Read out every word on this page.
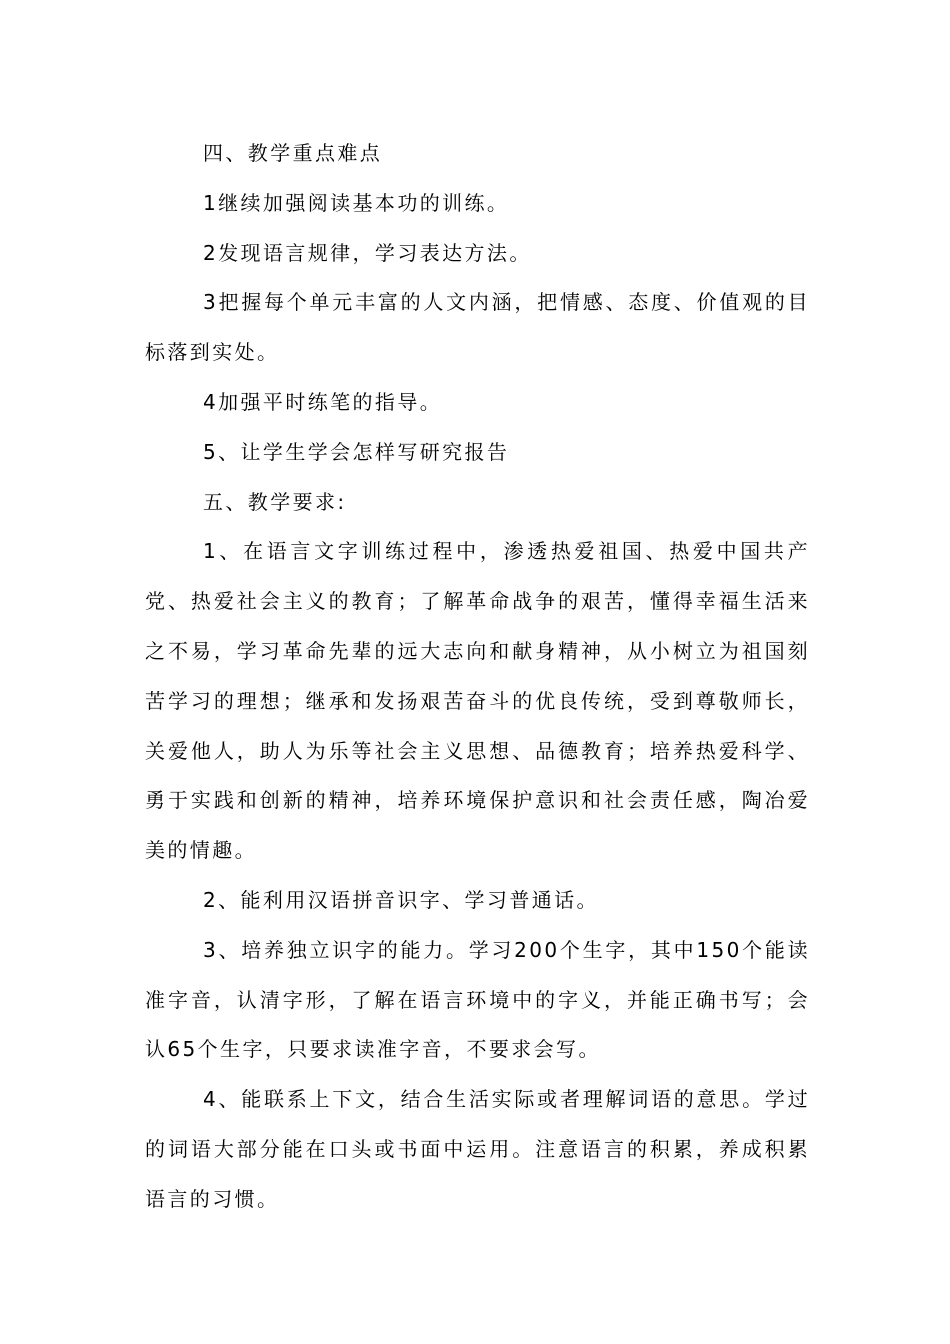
四、教学重点难点

1继续加强阅读基本功的训练。

2发现语言规律，学习表达方法。

3把握每个单元丰富的人文内涵，把情感、态度、价值观的目标落到实处。

4加强平时练笔的指导。

5、让学生学会怎样写研究报告

五、教学要求:

1、在语言文字训练过程中，渗透热爱祖国、热爱中国共产党、热爱社会主义的教育；了解革命战争的艰苦，懂得幸福生活来之不易，学习革命先辈的远大志向和献身精神，从小树立为祖国刻苦学习的理想；继承和发扬艰苦奋斗的优良传统，受到尊敬师长，关爱他人，助人为乐等社会主义思想、品德教育；培养热爱科学、勇于实践和创新的精神，培养环境保护意识和社会责任感，陶冶爱美的情趣。

2、能利用汉语拼音识字、学习普通话。

3、培养独立识字的能力。学习200个生字，其中150个能读准字音，认清字形，了解在语言环境中的字义，并能正确书写；会认65个生字，只要求读准字音，不要求会写。

4、能联系上下文，结合生活实际或者理解词语的意思。学过的词语大部分能在口头或书面中运用。注意语言的积累，养成积累语言的习惯。
